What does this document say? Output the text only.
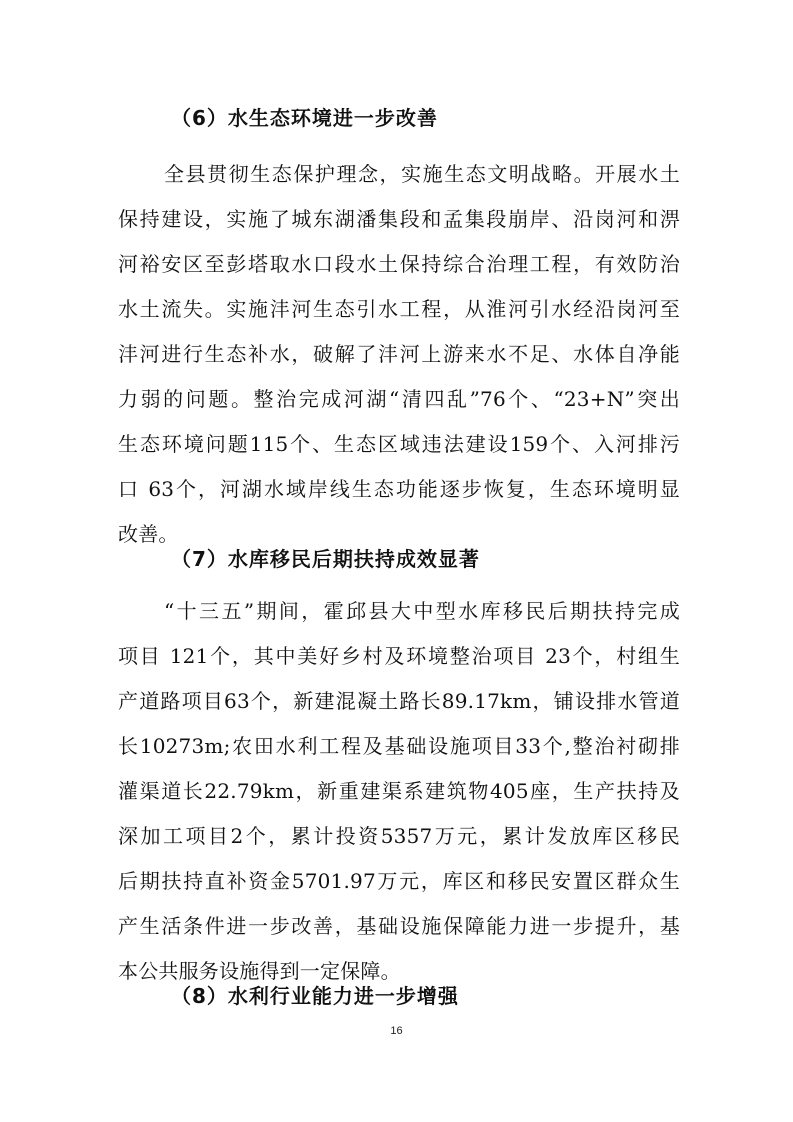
（6）水生态环境进一步改善
全县贯彻生态保护理念，实施生态文明战略。开展水土
保持建设，实施了城东湖潘集段和孟集段崩岸、沿岗河和淠
河裕安区至彭塔取水口段水土保持综合治理工程，有效防治
水土流失。实施沣河生态引水工程，从淮河引水经沿岗河至
沣河进行生态补水，破解了沣河上游来水不足、水体自净能
力弱的问题。整治完成河湖“清四乱”76个、“23+N”突出
生态环境问题115个、生态区域违法建设159个、入河排污
口 63个，河湖水域岸线生态功能逐步恢复，生态环境明显
改善。
（7）水库移民后期扶持成效显著
“十三五”期间，霍邱县大中型水库移民后期扶持完成
项目 121个，其中美好乡村及环境整治项目 23个，村组生
产道路项目63个，新建混凝土路长89.17km，铺设排水管道
长10273m;农田水利工程及基础设施项目33个,整治衬砌排
灌渠道长22.79km，新重建渠系建筑物405座，生产扶持及
深加工项目2个，累计投资5357万元，累计发放库区移民
后期扶持直补资金5701.97万元，库区和移民安置区群众生
产生活条件进一步改善，基础设施保障能力进一步提升，基
本公共服务设施得到一定保障。
（8）水利行业能力进一步增强
16
